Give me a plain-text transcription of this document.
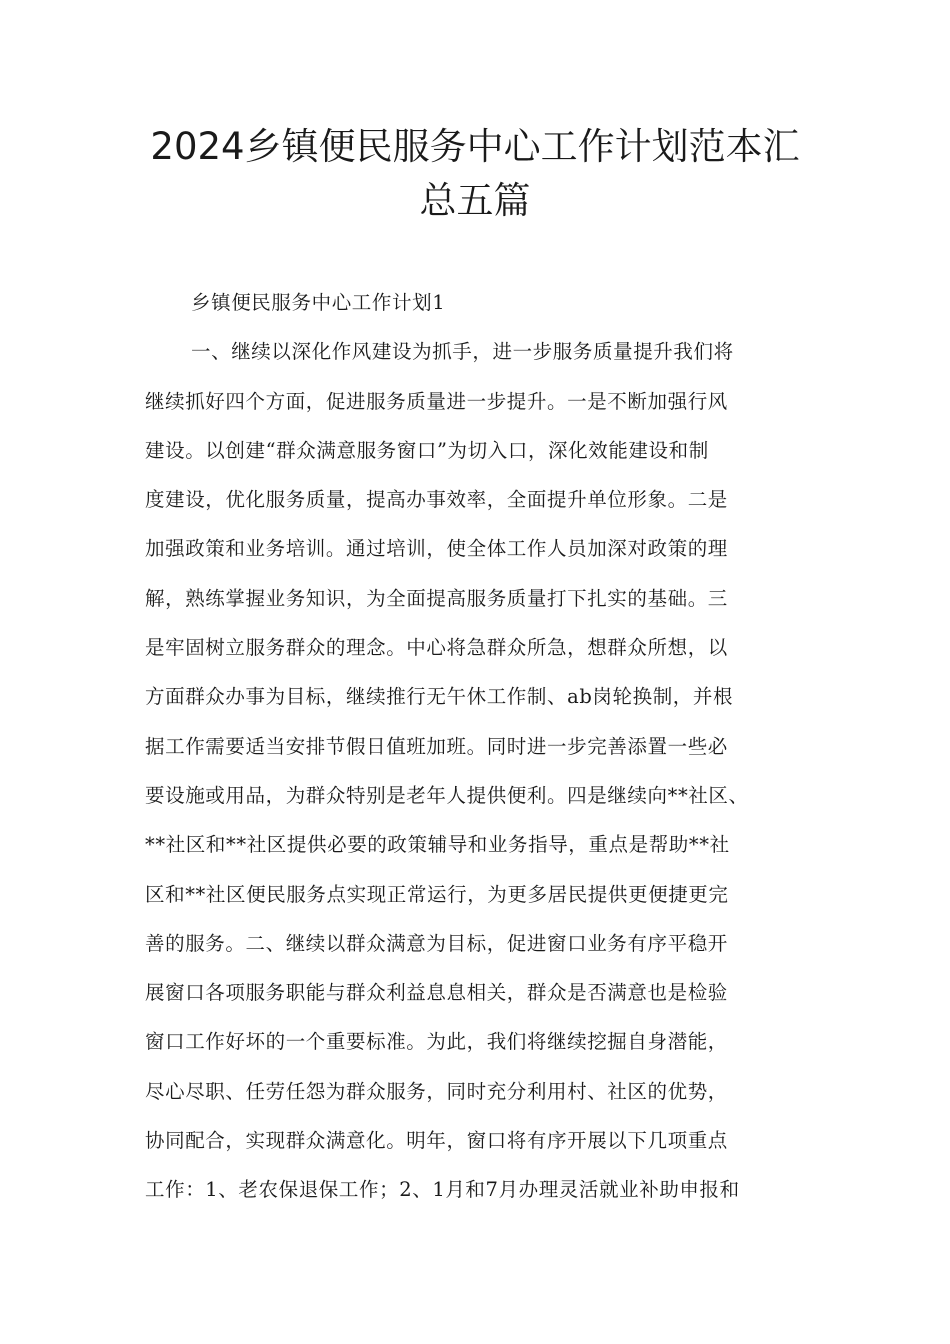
2024乡镇便民服务中心工作计划范本汇
总五篇
乡镇便民服务中心工作计划1
一、继续以深化作风建设为抓手，进一步服务质量提升我们将
继续抓好四个方面，促进服务质量进一步提升。一是不断加强行风
建设。以创建“群众满意服务窗口”为切入口，深化效能建设和制
度建设，优化服务质量，提高办事效率，全面提升单位形象。二是
加强政策和业务培训。通过培训，使全体工作人员加深对政策的理
解，熟练掌握业务知识，为全面提高服务质量打下扎实的基础。三
是牢固树立服务群众的理念。中心将急群众所急，想群众所想，以
方面群众办事为目标，继续推行无午休工作制、ab岗轮换制，并根
据工作需要适当安排节假日值班加班。同时进一步完善添置一些必
要设施或用品，为群众特别是老年人提供便利。四是继续向**社区、
**社区和**社区提供必要的政策辅导和业务指导，重点是帮助**社
区和**社区便民服务点实现正常运行，为更多居民提供更便捷更完
善的服务。二、继续以群众满意为目标，促进窗口业务有序平稳开
展窗口各项服务职能与群众利益息息相关，群众是否满意也是检验
窗口工作好坏的一个重要标准。为此，我们将继续挖掘自身潜能，
尽心尽职、任劳任怨为群众服务，同时充分利用村、社区的优势，
协同配合，实现群众满意化。明年，窗口将有序开展以下几项重点
工作：1、老农保退保工作；2、1月和7月办理灵活就业补助申报和
